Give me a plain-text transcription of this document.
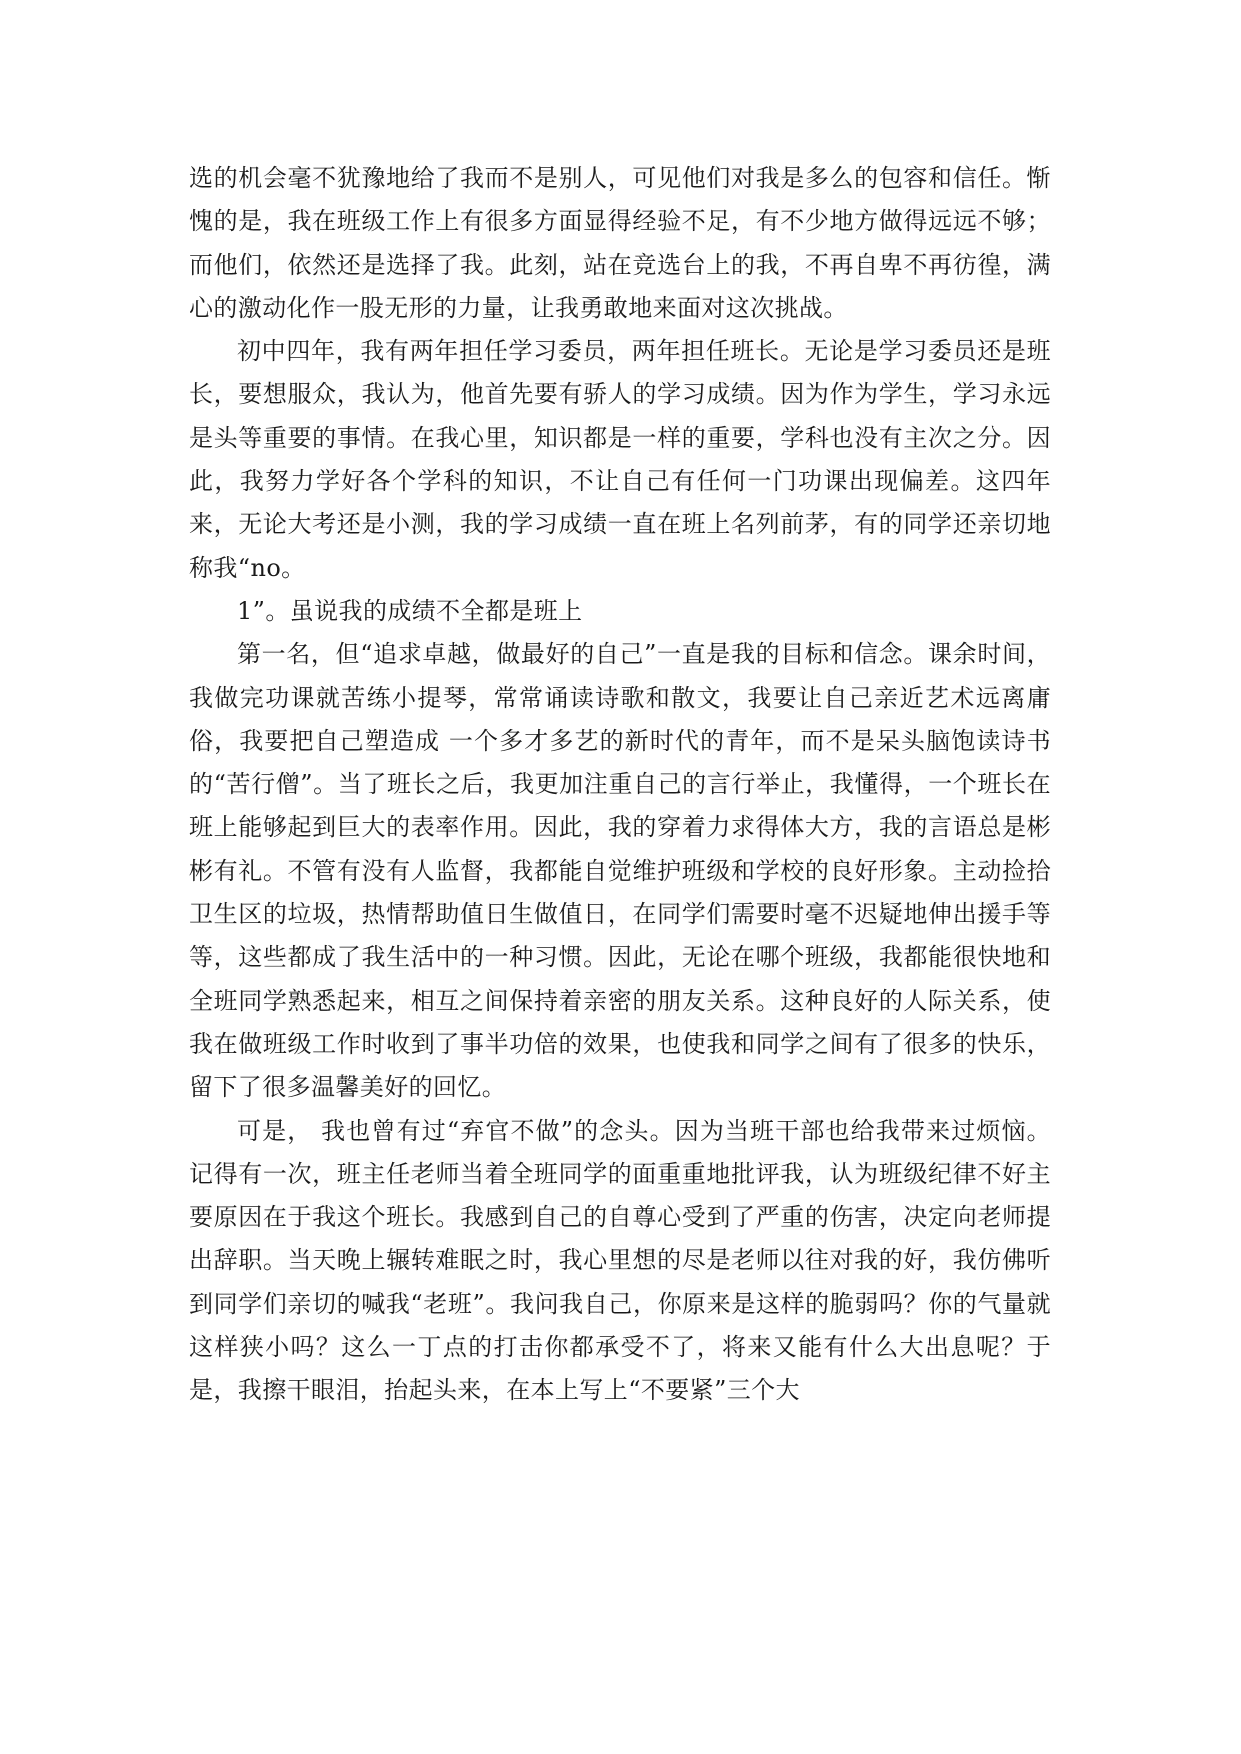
选的机会毫不犹豫地给了我而不是别人，可见他们对我是多么的包容和信任。惭愧的是，我在班级工作上有很多方面显得经验不足，有不少地方做得远远不够；而他们，依然还是选择了我。此刻，站在竞选台上的我，不再自卑不再彷徨，满心的激动化作一股无形的力量，让我勇敢地来面对这次挑战。

初中四年，我有两年担任学习委员，两年担任班长。无论是学习委员还是班长，要想服众，我认为，他首先要有骄人的学习成绩。因为作为学生，学习永远是头等重要的事情。在我心里，知识都是一样的重要，学科也没有主次之分。因此，我努力学好各个学科的知识，不让自己有任何一门功课出现偏差。这四年来，无论大考还是小测，我的学习成绩一直在班上名列前茅，有的同学还亲切地称我“no。

1”。虽说我的成绩不全都是班上

第一名，但“追求卓越，做最好的自己”一直是我的目标和信念。课余时间，我做完功课就苦练小提琴，常常诵读诗歌和散文，我要让自己亲近艺术远离庸俗，我要把自己塑造成 一个多才多艺的新时代的青年，而不是呆头脑饱读诗书的“苦行僧”。当了班长之后，我更加注重自己的言行举止，我懂得，一个班长在班上能够起到巨大的表率作用。因此，我的穿着力求得体大方，我的言语总是彬彬有礼。不管有没有人监督，我都能自觉维护班级和学校的良好形象。主动捡拾卫生区的垃圾，热情帮助值日生做值日，在同学们需要时毫不迟疑地伸出援手等等，这些都成了我生活中的一种习惯。因此，无论在哪个班级，我都能很快地和全班同学熟悉起来，相互之间保持着亲密的朋友关系。这种良好的人际关系，使我在做班级工作时收到了事半功倍的效果，也使我和同学之间有了很多的快乐，留下了很多温馨美好的回忆。

可是， 我也曾有过“弃官不做”的念头。因为当班干部也给我带来过烦恼。记得有一次，班主任老师当着全班同学的面重重地批评我，认为班级纪律不好主要原因在于我这个班长。我感到自己的自尊心受到了严重的伤害，决定向老师提出辞职。当天晚上辗转难眠之时，我心里想的尽是老师以往对我的好，我仿佛听到同学们亲切的喊我“老班”。我问我自己，你原来是这样的脆弱吗？你的气量就这样狭小吗？这么一丁点的打击你都承受不了，将来又能有什么大出息呢？于是，我擦干眼泪，抬起头来，在本上写上“不要紧”三个大
